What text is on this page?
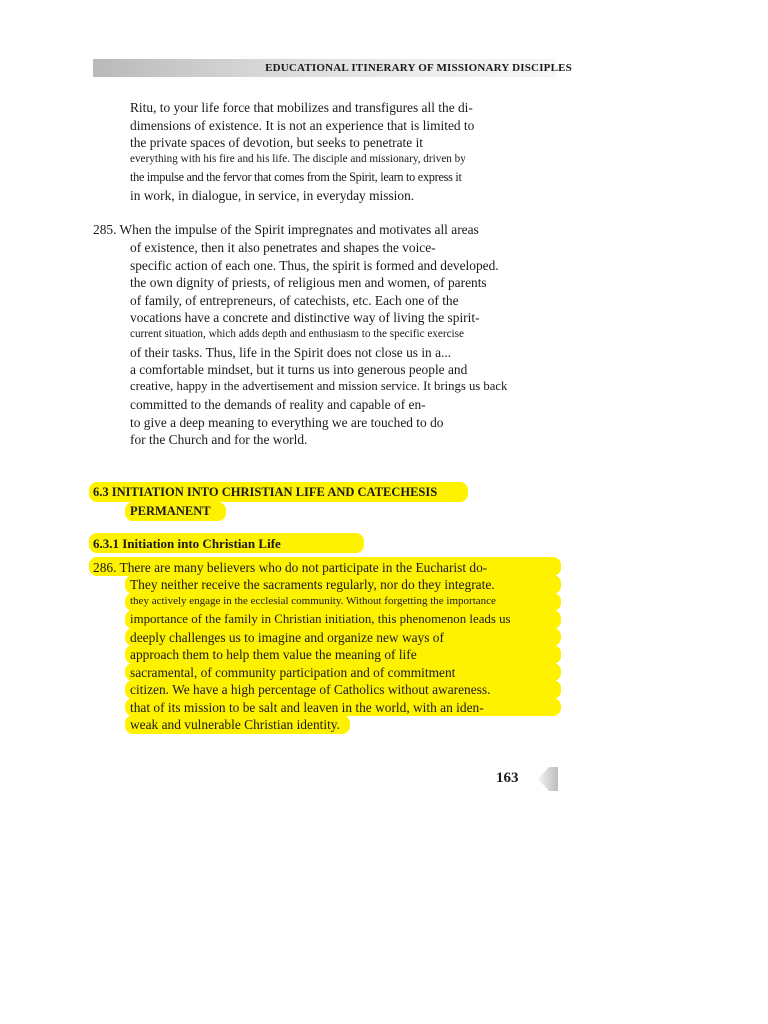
EDUCATIONAL ITINERARY OF MISSIONARY DISCIPLES
Ritu, to your life force that mobilizes and transfigures all the di-
dimensions of existence. It is not an experience that is limited to
the private spaces of devotion, but seeks to penetrate it
everything with his fire and his life. The disciple and missionary, driven by
the impulse and the fervor that comes from the Spirit, learn to express it
in work, in dialogue, in service, in everyday mission.
285. When the impulse of the Spirit impregnates and motivates all areas
of existence, then it also penetrates and shapes the voice-
specific action of each one. Thus, the spirit is formed and developed.
the own dignity of priests, of religious men and women, of parents
of family, of entrepreneurs, of catechists, etc. Each one of the
vocations have a concrete and distinctive way of living the spirit-
current situation, which adds depth and enthusiasm to the specific exercise
of their tasks. Thus, life in the Spirit does not close us in a...
a comfortable mindset, but it turns us into generous people and
creative, happy in the advertisement and mission service. It brings us back
committed to the demands of reality and capable of en-
to give a deep meaning to everything we are touched to do
for the Church and for the world.
6.3 INITIATION INTO CHRISTIAN LIFE AND CATECHESIS
PERMANENT
6.3.1 Initiation into Christian Life
286. There are many believers who do not participate in the Eucharist do-
They neither receive the sacraments regularly, nor do they integrate.
they actively engage in the ecclesial community. Without forgetting the importance
importance of the family in Christian initiation, this phenomenon leads us
deeply challenges us to imagine and organize new ways of
approach them to help them value the meaning of life
sacramental, of community participation and of commitment
citizen. We have a high percentage of Catholics without awareness.
that of its mission to be salt and leaven in the world, with an iden-
weak and vulnerable Christian identity.
163
